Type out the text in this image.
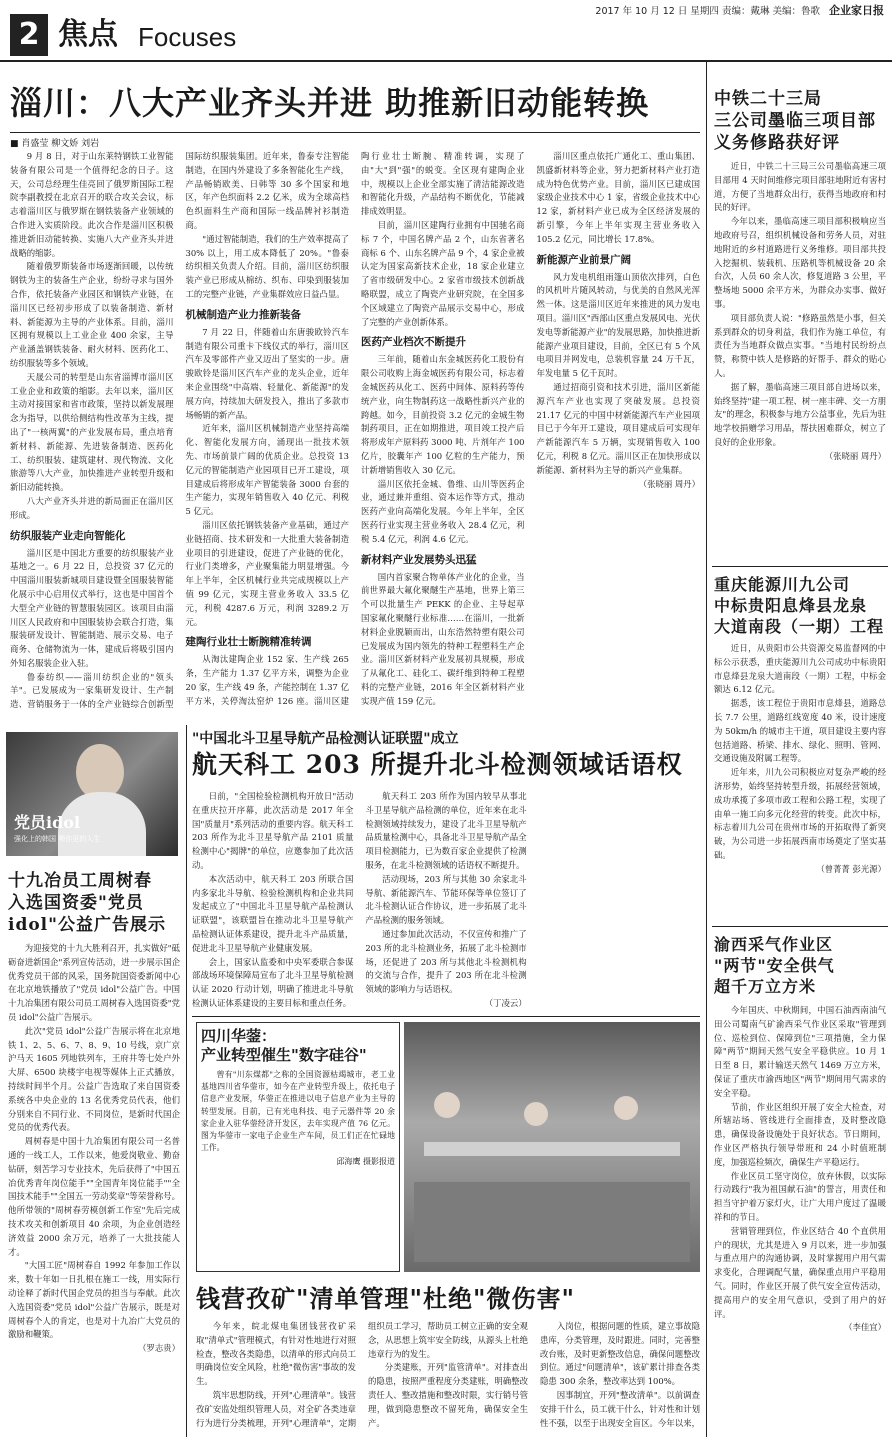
2017 年 10 月 12 日 星期四 责编：戴琳 美编：鲁歌 企业家日报
2 焦点 Focuses
淄川：八大产业齐头并进 助推新旧动能转换
■ 肖盛莹 柳文娇 刘岩

9 月 8 日，对于山东莱特钢铁工业智能装备有限公司是一个值得纪念的日子。这天，公司总经理生佳亮回了俄罗斯国际工程院李副教授在北京召开的联合攻关会议，标志着淄川区与俄罗斯在钢铁装备产业领域的合作进入实质阶段。此次合作是淄川区积极推进新旧动能转换、实施八大产业齐头并进战略的缩影。

随着俄罗斯装备市场逐渐回暖，以传统钢铁为主的装备生产企业，纷纷寻求与国外合作，依托装备产业园区和钢铁产业链，在淄川区已经初步形成了以装备制造、新材料、新能源为主导的产业体系。目前，淄川区拥有规模以上工业企业 400 余家，主导产业涵盖钢铁装备、耐火材料、医药化工、纺织服装等多个领域。

天晟公司的转型是山东省淄博市淄川区工业企业和政策的缩影。去年以来，淄川区主动对接国家和省市政策，坚持以新发展理念为指导，以供给侧结构性改革为主线，提出了"一核两翼"的产业发展布局，重点培育新材料、新能源、先进装备制造、医药化工、纺织服装、建筑建材、现代物流、文化旅游等八大产业，加快推进产业转型升级和新旧动能转换。

八大产业齐头并进的新局面正在淄川区形成。

纺织服装产业走向智能化

淄川区是中国北方重要的纺织服装产业基地之一。6 月 22 日，总投资 37 亿元的中国淄川服装新城项目建设暨全国服装智能化展示中心启用仪式举行，这也是中国首个大型全产业链的智慧服装园区。该项目由淄川区人民政府和中国服装协会联合打造，集服装研发设计、智能制造、展示交易、电子商务、仓储物流为一体，建成后将吸引国内外知名服装企业入驻。

鲁泰纺织——淄川纺织企业的"领头羊"。已发展成为一家集研发设计、生产制造、营销服务于一体的全产业链综合创新型国际纺织服装集团。近年来，鲁泰专注智能制造，在国内外建设了多条智能化生产线，产品畅销欧美、日韩等 30 多个国家和地区，年产色织面料 2.2 亿米，成为全球高档色织面料生产商和国际一线品牌衬衫制造商。

"通过智能制造，我们的生产效率提高了 30% 以上，用工成本降低了 20%。"鲁泰纺织相关负责人介绍。目前，淄川区纺织服装产业已形成从棉纺、织布、印染到服装加工的完整产业链，产业集群效应日益凸显。

机械制造产业力推新装备

7 月 22 日，伴随着山东唐骏欧铃汽车制造有限公司重卡下线仪式的举行，淄川区汽车及零部件产业又迈出了坚实的一步。唐骏欧铃是淄川区汽车产业的龙头企业，近年来企业围绕"中高端、轻量化、新能源"的发展方向，持续加大研发投入，推出了多款市场畅销的新产品。

近年来，淄川区机械制造产业坚持高端化、智能化发展方向，涌现出一批技术领先、市场前景广阔的优质企业。总投资 13 亿元的智能制造产业园项目已开工建设，项目建成后将形成年产智能装备 3000 台套的生产能力，实现年销售收入 40 亿元、利税 5 亿元。

淄川区依托钢铁装备产业基础，通过产业链招商、技术研发和一大批重大装备制造业项目的引进建设，促进了产业链的优化，行业门类增多，产业聚集能力明显增强。今年上半年，全区机械行业共完成规模以上产值 99 亿元，实现主营业务收入 33.5 亿元，利税 4287.6 万元，利润 3289.2 万元。

建陶行业壮士断腕精准转调

从淘汰建陶企业 152 家、生产线 265 条，生产能力 1.37 亿平方米，调整为企业 20 家，生产线 49 条，产能控制在 1.37 亿平方米，关停淘汰窑炉 126 座。淄川区建陶行业壮士断腕、精准转调，实现了由"大"到"强"的蜕变。全区现有建陶企业中，规模以上企业全部实施了清洁能源改造和智能化升级，产品结构不断优化，节能减排成效明显。

目前，淄川区建陶行业拥有中国驰名商标 7 个，中国名牌产品 2 个，山东省著名商标 6 个、山东名牌产品 9 个，4 家企业被认定为国家高新技术企业，18 家企业建立了省市级研发中心。2 家省市级技术创新战略联盟，成立了陶瓷产业研究院，在全国多个区域建立了陶瓷产品展示交易中心，形成了完整的产业创新体系。

医药产业档次不断提升

三年前，随着山东金城医药化工股份有限公司收购上海金城医药有限公司，标志着金城医药从化工、医药中间体、原料药等传统产业，向生物制药这一战略性新兴产业的跨越。如今，目前投资 3.2 亿元的金城生物制药项目，正在如期推进，项目竣工投产后将形成年产原料药 3000 吨、片剂年产 100 亿片，胶囊年产 100 亿粒的生产能力，预计新增销售收入 30 亿元。

淄川区依托金城、鲁维、山川等医药企业，通过兼并重组、资本运作等方式，推动医药产业向高端化发展。今年上半年，全区医药行业实现主营业务收入 28.4 亿元，利税 5.4 亿元，利润 4.6 亿元。

新材料产业发展势头迅猛

国内首家聚合物单体产业化的企业，当前世界最大氟化聚醚生产基地，世界上第三个可以批量生产 PEKK 的企业、主导起草国家氟化聚醚行业标准……在淄川，一批新材料企业脱颖而出，山东浩然特塑有限公司已发展成为国内领先的特种工程塑料生产企业。淄川区新材料产业发展初具规模，形成了从氟化工、硅化工、碳纤维到特种工程塑料的完整产业链，2016 年全区新材料产业实现产值 159 亿元。

淄川区重点依托广通化工、重山集团、凯盛新材料等企业，努力把新材料产业打造成为特色优势产业。目前，淄川区已建成国家级企业技术中心 1 家，省级企业技术中心 12 家，新材料产业已成为全区经济发展的新引擎，今年上半年实现主营业务收入 105.2 亿元，同比增长 17.8%。

新能源产业前景广阔

风力发电机组雨篷山顶依次排列，白色的风机叶片随风转动，与优美的自然风光浑然一体。这是淄川区近年来推进的风力发电项目。淄川区"西部山区重点发展风电、光伏发电等新能源产业"的发展思路，加快推进新能源产业项目建设，目前，全区已有 5 个风电项目并网发电，总装机容量 24 万千瓦，年发电量 5 亿千瓦时。

通过招商引资和技术引进，淄川区新能源汽车产业也实现了突破发展。总投资 21.17 亿元的中国中材新能源汽车产业园项目已于今年开工建设，项目建成后可实现年产新能源汽车 5 万辆，实现销售收入 100 亿元，利税 8 亿元。淄川区正在加快形成以新能源、新材料为主导的新兴产业集群。

（张晓丽 周丹）

党员idol
强化上的韩国 喂你更的人生
十九冶员工周树春
入选国资委"党员
idol"公益广告展示

为迎接党的十九大胜利召开，扎实做好"砥砺奋进新国企"系列宣传活动，进一步展示国企优秀党员干部的风采，国务院国资委新闻中心在北京地铁播放了"党员 idol"公益广告。中国十九冶集团有限公司员工周树春入选国资委"党员 idol"公益广告展示。

此次"党员 idol"公益广告展示将在北京地铁 1、2、5、6、7、8、9、10 号线，京广京沪马天 1605 列地铁列车，王府井等七处户外大屏、6500 块楼宇电视等媒体上正式播放，持续时间半个月。公益广告选取了来自国资委系统各中央企业的 13 名优秀党员代表，他们分别来自不同行业、不同岗位，是新时代国企党员的优秀代表。

周树春是中国十九冶集团有限公司一名普通的一线工人，工作以来，他爱岗敬业、勤奋钻研，刻苦学习专业技术，先后获得了"中国五冶优秀青年岗位能手""全国青年岗位能手""全国技术能手""全国五一劳动奖章"等荣誉称号。他所带领的"周树春劳模创新工作室"先后完成技术攻关和创新项目 40 余项，为企业创造经济效益 2000 余万元，培养了一大批技能人才。

"大国工匠"周树春自 1992 年参加工作以来，数十年如一日扎根在施工一线，用实际行动诠释了新时代国企党员的担当与奉献。此次入选国资委"党员 idol"公益广告展示，既是对周树春个人的肯定，也是对十九冶广大党员的激励和鞭策。

（罗志贵）

"中国北斗卫星导航产品检测认证联盟"成立
航天科工 203 所提升北斗检测领域话语权

日前，"全国检验检测机构开放日"活动在重庆拉开序幕，此次活动是 2017 年全国"质量月"系列活动的重要内容。航天科工 203 所作为北斗卫星导航产品 2101 质量检测中心"揭牌"的单位，应邀参加了此次活动。

本次活动中，航天科工 203 所联合国内多家北斗导航、检验检测机构和企业共同发起成立了"中国北斗卫星导航产品检测认证联盟"，该联盟旨在推动北斗卫星导航产品检测认证体系建设，提升北斗产品质量，促进北斗卫星导航产业健康发展。

会上，国家认监委和中央军委联合参谋部战场环境保障局宣布了北斗卫星导航检测认证 2020 行动计划，明确了推进北斗导航检测认证体系建设的主要目标和重点任务。

航天科工 203 所作为国内较早从事北斗卫星导航产品检测的单位，近年来在北斗检测领域持续发力，建设了北斗卫星导航产品质量检测中心，具备北斗卫星导航产品全项目检测能力，已为数百家企业提供了检测服务，在北斗检测领域的话语权不断提升。

活动现场，203 所与其他 30 余家北斗导航、新能源汽车、节能环保等单位签订了北斗检测认证合作协议，进一步拓展了北斗产品检测的服务领域。

通过参加此次活动，不仅宣传和推广了 203 所的北斗检测业务，拓展了北斗检测市场，还促进了 203 所与其他北斗检测机构的交流与合作，提升了 203 所在北斗检测领域的影响力与话语权。

（丁凌云）

四川华蓥：
产业转型催生"数字硅谷"
曾有"川东煤都"之称的全国资源枯竭城市，老工业基地四川省华蓥市，如今在产业转型升级上，依托电子信息产业发展，华蓥正在推进以电子信息产业为主导的转型发展。目前，已有光电科技、电子元器件等 20 余家企业入驻华蓥经济开发区，去年实现产值 76 亿元。图为华蓥市一家电子企业生产车间，员工们正在忙碌地工作。
邱海鹰 摄影报道
钱营孜矿"清单管理"杜绝"微伤害"

今年来，皖北煤电集团钱营孜矿采取"清单式"管理模式，有针对性地进行对照检查，整改各类隐患，以清单的形式向员工明确岗位安全风险，杜绝"微伤害"事故的发生。

筑牢思想防线，开列"心理清单"。钱营孜矿安监处组织管理人员，对全矿各类违章行为进行分类梳理，开列"心理清单"，定期组织员工学习，帮助员工树立正确的安全观念，从思想上筑牢安全防线，从源头上杜绝违章行为的发生。

分类建账，开列"监管清单"。对排查出的隐患，按照严重程度分类建账，明确整改责任人、整改措施和整改时限，实行销号管理，做到隐患整改不留死角，确保安全生产。

入岗位，根据问题的性质，建立事故隐患库，分类管理，及时跟进。同时，完善整改台账，及时更新整改信息，确保问题整改到位。通过"问题清单"，该矿累计排查各类隐患 300 余条，整改率达到 100%。

因事制宜，开列"整改清单"。以前调查安排干什么，员工就干什么，针对性和计划性不强，以至于出现安全盲区。今年以来，

中铁二十三局
三公司墨临三项目部
义务修路获好评

近日，中铁二十三局三公司墨临高速三项目部用 4 天时间维修完项目部驻地附近有害村道，方便了当地群众出行，获得当地政府和村民的好评。

今年以来，墨临高速三项目部积极响应当地政府号召，组织机械设备和劳务人员，对驻地附近的乡村道路进行义务维修。项目部共投入挖掘机、装载机、压路机等机械设备 20 余台次，人员 60 余人次，修复道路 3 公里，平整场地 5000 余平方米，为群众办实事、做好事。

项目部负责人说："修路虽然是小事，但关系到群众的切身利益，我们作为施工单位，有责任为当地群众做点实事。"当地村民纷纷点赞，称赞中铁人是修路的好帮手、群众的贴心人。

据了解，墨临高速三项目部自进场以来，始终坚持"建一项工程、树一座丰碑、交一方朋友"的理念，积极参与地方公益事业，先后为驻地学校捐赠学习用品，帮扶困难群众，树立了良好的企业形象。

（张晓丽 周丹）

重庆能源川九公司
中标贵阳息烽县龙泉
大道南段（一期）工程

近日，从贵阳市公共资源交易监督网的中标公示获悉，重庆能源川九公司成功中标贵阳市息烽县龙泉大道南段（一期）工程，中标金额达 6.12 亿元。

据悉，该工程位于贵阳市息烽县，道路总长 7.7 公里，道路红线宽度 40 米，设计速度为 50km/h 的城市主干道，项目建设主要内容包括道路、桥梁、排水、绿化、照明、管网、交通设施及附属工程等。

近年来，川九公司积极应对复杂严峻的经济形势，始终坚持转型升级，拓展经营领域，成功承揽了多项市政工程和公路工程，实现了由单一施工向多元化经营的转变。此次中标，标志着川九公司在贵州市场的开拓取得了新突破，为公司进一步拓展西南市场奠定了坚实基础。

（曾菁菁 彭光源）

渝西采气作业区
"两节"安全供气
超千万立方米

今年国庆、中秋期间，中国石油西南油气田公司蜀南气矿渝西采气作业区采取"管理到位、巡检到位、保障到位"三项措施，全力保障"两节"期间天然气安全平稳供应。10 月 1 日至 8 日，累计输送天然气 1469 万立方米，保证了重庆市渝西地区"两节"期间用气需求的安全平稳。

节前，作业区组织开展了安全大检查，对所辖站场、管线进行全面排查，及时整改隐患，确保设备设施处于良好状态。节日期间，作业区严格执行领导带班和 24 小时值班制度，加强巡检频次，确保生产平稳运行。

作业区员工坚守岗位，放弃休假，以实际行动践行"我为祖国献石油"的誓言，用责任和担当守护着万家灯火，让广大用户度过了温暖祥和的节日。

营销管理到位，作业区结合 40 个直供用户的现状，尤其是进入 9 月以来，进一步加强与重点用户的沟通协调，及时掌握用户用气需求变化，合理调配气量，确保重点用户平稳用气。同时，作业区开展了供气安全宣传活动，提高用户的安全用气意识，受到了用户的好评。

（李佳宜）
